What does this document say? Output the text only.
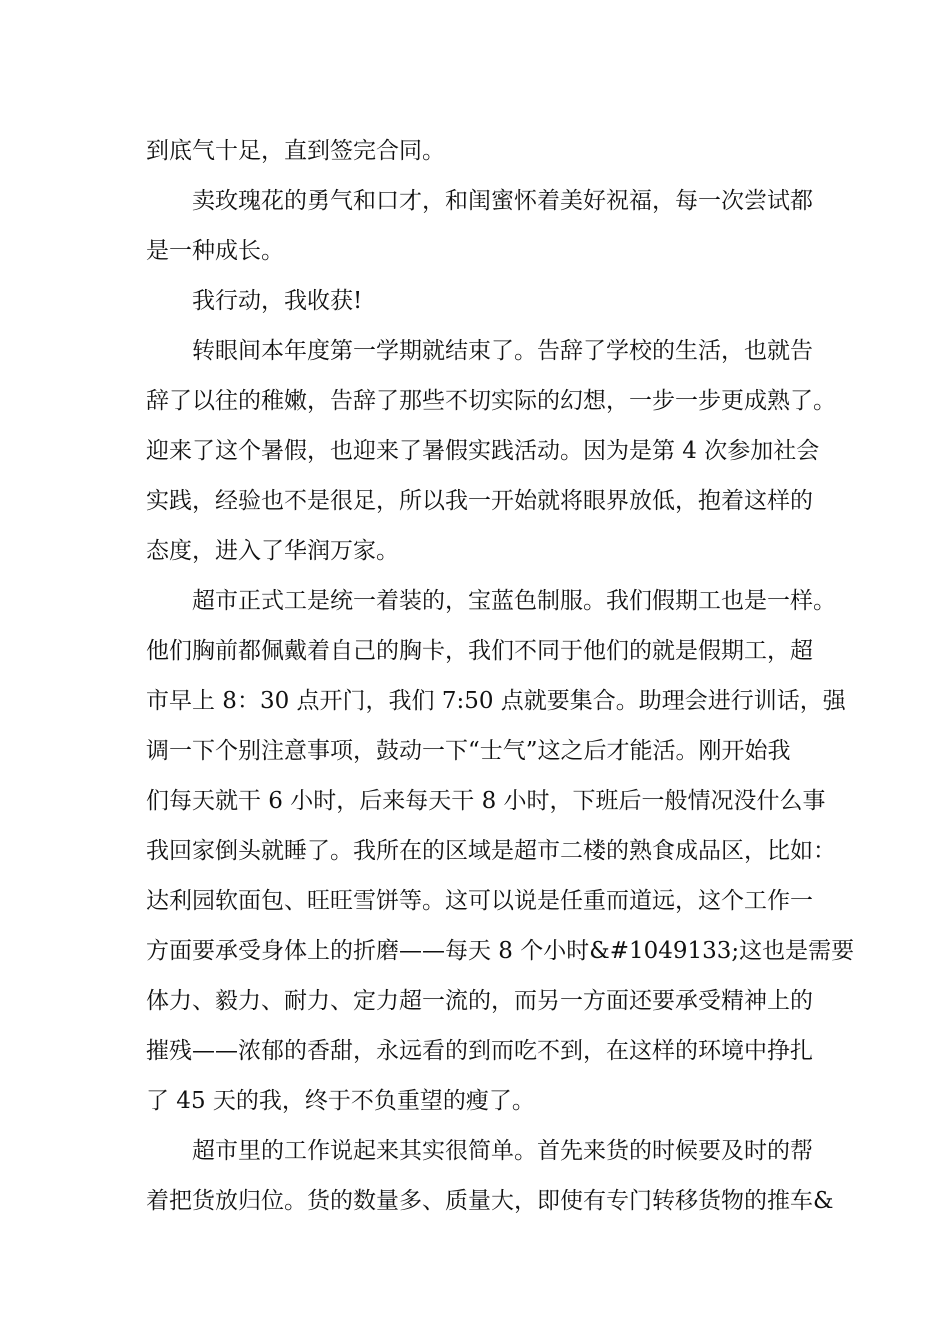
到底气十足，直到签完合同。
卖玫瑰花的勇气和口才，和闺蜜怀着美好祝福，每一次尝试都
是一种成长。
我行动，我收获!
转眼间本年度第一学期就结束了。告辞了学校的生活，也就告
辞了以往的稚嫩，告辞了那些不切实际的幻想，一步一步更成熟了。
迎来了这个暑假，也迎来了暑假实践活动。因为是第 4 次参加社会
实践，经验也不是很足，所以我一开始就将眼界放低，抱着这样的
态度，进入了华润万家。
超市正式工是统一着装的，宝蓝色制服。我们假期工也是一样。
他们胸前都佩戴着自己的胸卡，我们不同于他们的就是假期工，超
市早上 8：30 点开门，我们 7:50 点就要集合。助理会进行训话，强
调一下个别注意事项，鼓动一下“士气”这之后才能活。刚开始我
们每天就干 6 小时，后来每天干 8 小时，下班后一般情况没什么事
我回家倒头就睡了。我所在的区域是超市二楼的熟食成品区，比如：
达利园软面包、旺旺雪饼等。这可以说是任重而道远，这个工作一
方面要承受身体上的折磨——每天 8 个小时&#1049133;这也是需要
体力、毅力、耐力、定力超一流的，而另一方面还要承受精神上的
摧残——浓郁的香甜，永远看的到而吃不到，在这样的环境中挣扎
了 45 天的我，终于不负重望的瘦了。
超市里的工作说起来其实很简单。首先来货的时候要及时的帮
着把货放归位。货的数量多、质量大，即使有专门转移货物的推车&
